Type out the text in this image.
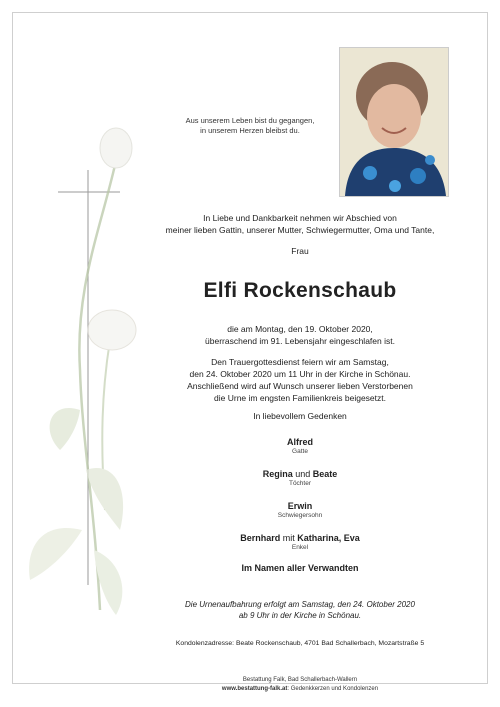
Aus unserem Leben bist du gegangen,
in unserem Herzen bleibst du.
In Liebe und Dankbarkeit nehmen wir Abschied von
meiner lieben Gattin, unserer Mutter, Schwiegermutter, Oma und Tante,
Frau
Elfi Rockenschaub
die am Montag, den 19. Oktober 2020,
überraschend im 91. Lebensjahr eingeschlafen ist.
Den Trauergottesdienst feiern wir am Samstag,
den 24. Oktober 2020 um 11 Uhr in der Kirche in Schönau.
Anschließend wird auf Wunsch unserer lieben Verstorbenen
die Urne im engsten Familienkreis beigesetzt.
In liebevollem Gedenken
Alfred
Gatte
Regina und Beate
Töchter
Erwin
Schwiegersohn
Bernhard mit Katharina, Eva
Enkel
Im Namen aller Verwandten
Die Urnenaufbahrung erfolgt am Samstag, den 24. Oktober 2020
ab 9 Uhr in der Kirche in Schönau.
Kondolenzadresse: Beate Rockenschaub, 4701 Bad Schallerbach, Mozartstraße 5
Bestattung Falk, Bad Schallerbach-Wallern
www.bestattung-falk.at: Gedenkkerzen und Kondolenzen
